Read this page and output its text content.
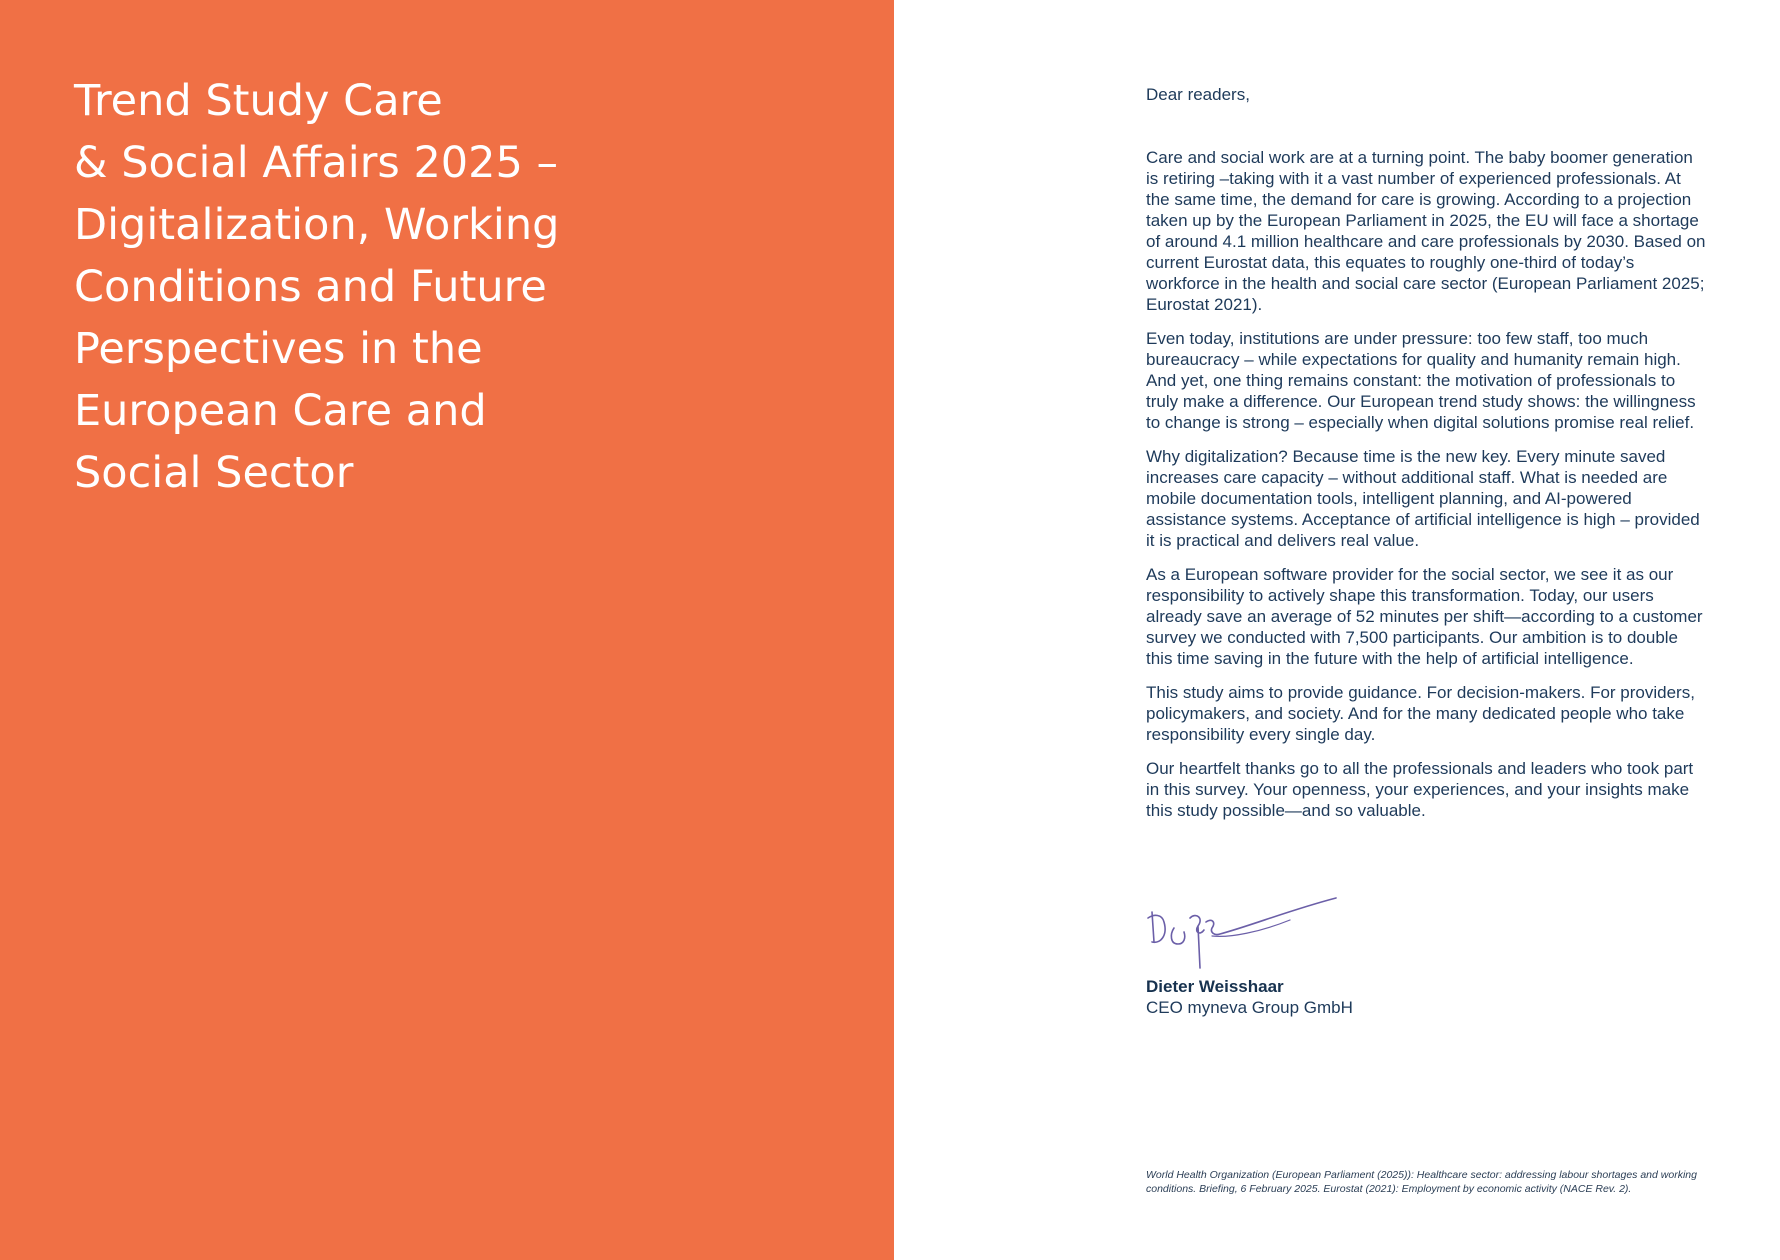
Trend Study Care
& Social Affairs 2025 –
Digitalization, Working
Conditions and Future
Perspectives in the
European Care and
Social Sector

Dear readers,

Care and social work are at a turning point. The baby boomer generation is retiring –taking with it a vast number of experienced professionals. At the same time, the demand for care is growing. According to a projection taken up by the European Parliament in 2025, the EU will face a shortage of around 4.1 million healthcare and care professionals by 2030. Based on current Eurostat data, this equates to roughly one-third of today’s workforce in the health and social care sector (European Parliament 2025; Eurostat 2021).

Even today, institutions are under pressure: too few staff, too much bureaucracy – while expectations for quality and humanity remain high. And yet, one thing remains constant: the motivation of professionals to truly make a difference. Our European trend study shows: the willingness to change is strong – especially when digital solutions promise real relief.

Why digitalization? Because time is the new key. Every minute saved increases care capacity – without additional staff. What is needed are mobile documentation tools, intelligent planning, and AI-powered assistance systems. Acceptance of artificial intelligence is high – provided it is practical and delivers real value.

As a European software provider for the social sector, we see it as our responsibility to actively shape this transformation. Today, our users already save an average of 52 minutes per shift—according to a customer survey we conducted with 7,500 participants. Our ambition is to double this time saving in the future with the help of artificial intelligence.

This study aims to provide guidance. For decision-makers. For providers, policymakers, and society. And for the many dedicated people who take responsibility every single day.

Our heartfelt thanks go to all the professionals and leaders who took part in this survey. Your openness, your experiences, and your insights make this study possible—and so valuable.

Dieter Weisshaar
CEO myneva Group GmbH

World Health Organization (European Parliament (2025)): Healthcare sector: addressing labour shortages and working conditions. Briefing, 6 February 2025. Eurostat (2021): Employment by economic activity (NACE Rev. 2).
